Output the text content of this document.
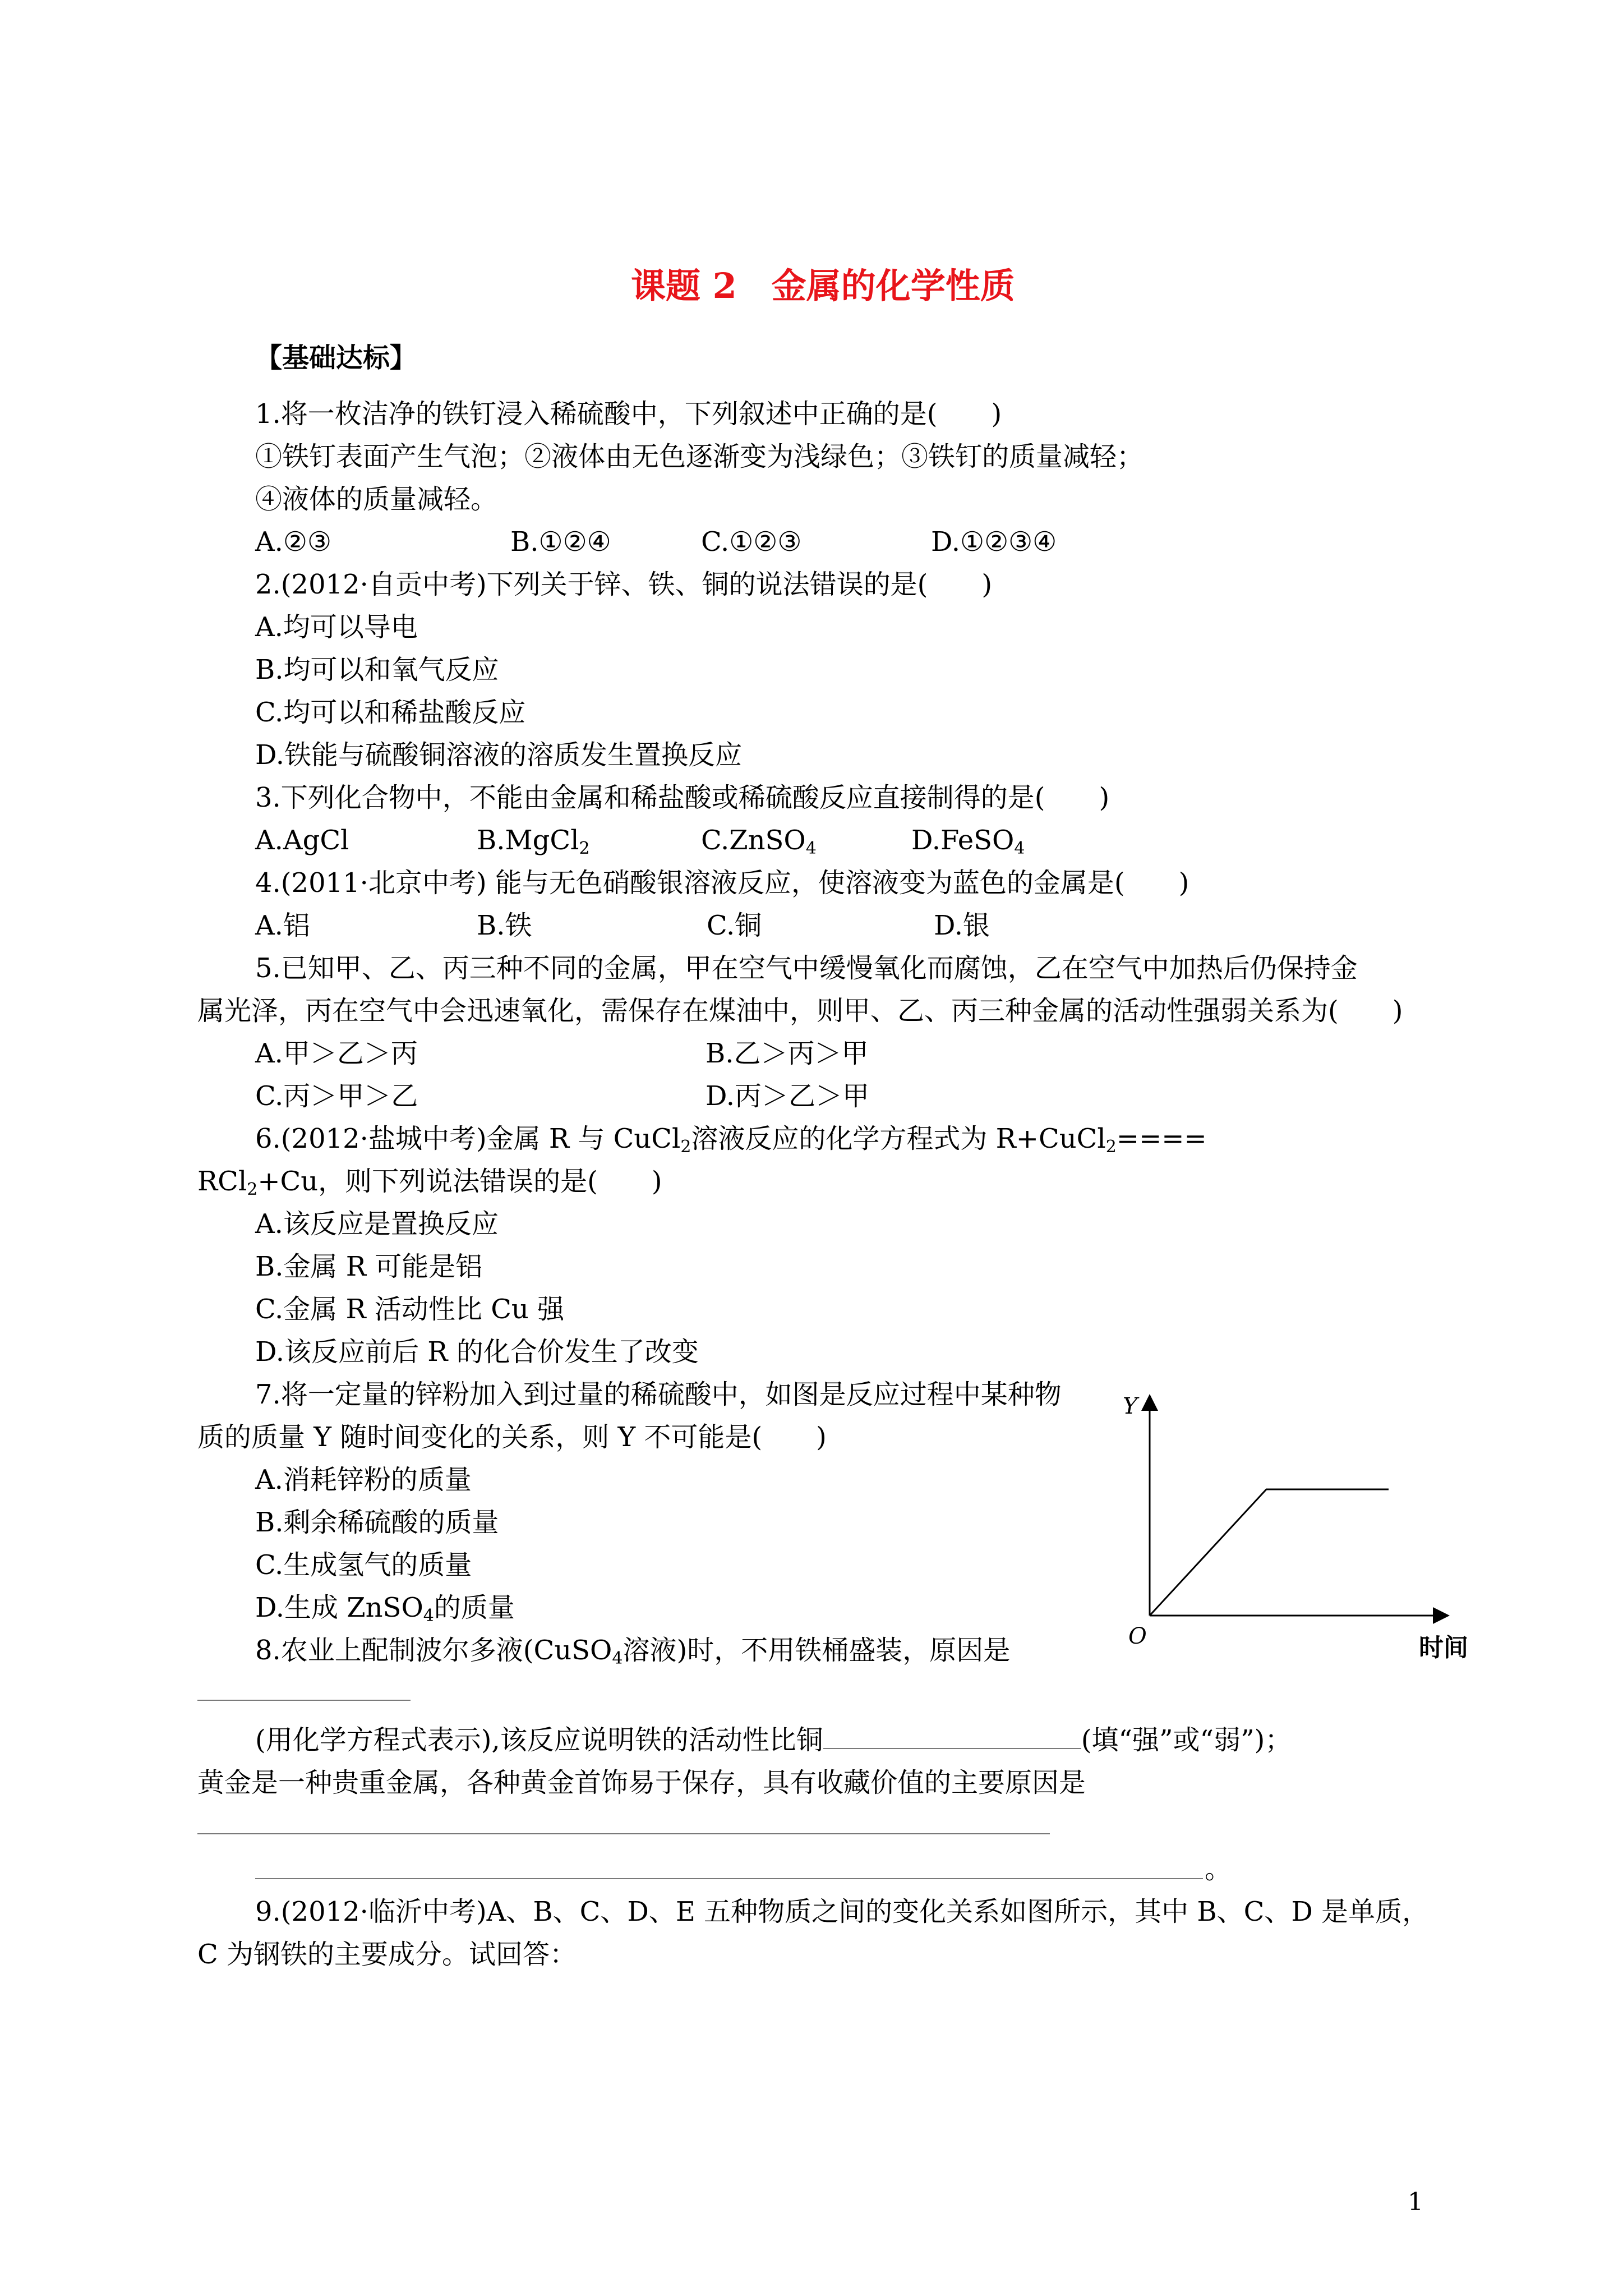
课题 2　金属的化学性质
【基础达标】
1.将一枚洁净的铁钉浸入稀硫酸中，下列叙述中正确的是(　　)
①铁钉表面产生气泡；②液体由无色逐渐变为浅绿色；③铁钉的质量减轻；
④液体的质量减轻。
A.②③	B.①②④	C.①②③	D.①②③④
2.(2012·自贡中考)下列关于锌、铁、铜的说法错误的是(　　)
A.均可以导电
B.均可以和氧气反应
C.均可以和稀盐酸反应
D.铁能与硫酸铜溶液的溶质发生置换反应
3.下列化合物中，不能由金属和稀盐酸或稀硫酸反应直接制得的是(　　)
A.AgCl	B.MgCl$_2$	C.ZnSO$_4$	D.FeSO$_4$
4.(2011·北京中考) 能与无色硝酸银溶液反应，使溶液变为蓝色的金属是(　　)
A.铝	B.铁	C.铜	D.银
5.已知甲、乙、丙三种不同的金属，甲在空气中缓慢氧化而腐蚀，乙在空气中加热后仍保持金
属光泽，丙在空气中会迅速氧化，需保存在煤油中，则甲、乙、丙三种金属的活动性强弱关系为(　　)
A.甲＞乙＞丙	B.乙＞丙＞甲
C.丙＞甲＞乙	D.丙＞乙＞甲
6.(2012·盐城中考)金属 R 与 CuCl$_2$溶液反应的化学方程式为 R+CuCl$_2$====
RCl$_2$+Cu，则下列说法错误的是(　　)
A.该反应是置换反应
B.金属 R 可能是铝
C.金属 R 活动性比 Cu 强
D.该反应前后 R 的化合价发生了改变
7.将一定量的锌粉加入到过量的稀硫酸中，如图是反应过程中某种物
质的质量 Y 随时间变化的关系，则 Y 不可能是(　　)
A.消耗锌粉的质量
B.剩余稀硫酸的质量
C.生成氢气的质量
D.生成 ZnSO$_4$的质量
Y
O	时间
8.农业上配制波尔多液(CuSO$_4$溶液)时，不用铁桶盛装，原因是
(用化学方程式表示),该反应说明铁的活动性比铜	(填“强”或“弱”)；
黄金是一种贵重金属，各种黄金首饰易于保存，具有收藏价值的主要原因是
。
9.(2012·临沂中考)A、B、C、D、E 五种物质之间的变化关系如图所示，其中 B、C、D 是单质，
C 为钢铁的主要成分。试回答：
1
